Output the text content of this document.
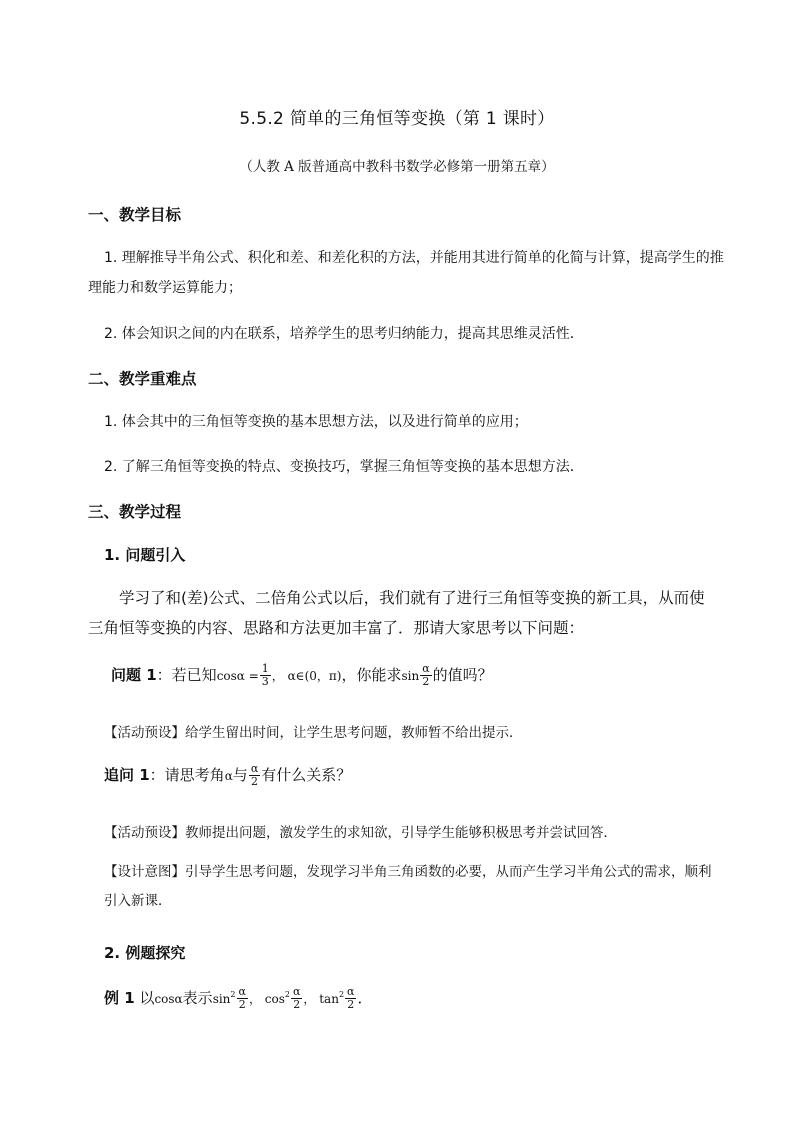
5.5.2 简单的三角恒等变换（第 1 课时）
（人教 A 版普通高中教科书数学必修第一册第五章）
一、教学目标
1. 理解推导半角公式、积化和差、和差化积的方法，并能用其进行简单的化简与计算，提高学生的推
理能力和数学运算能力；
2. 体会知识之间的内在联系，培养学生的思考归纳能力，提高其思维灵活性．
二、教学重难点
1. 体会其中的三角恒等变换的基本思想方法，以及进行简单的应用；
2. 了解三角恒等变换的特点、变换技巧，掌握三角恒等变换的基本思想方法．
三、教学过程
1. 问题引入
学习了和(差)公式、二倍角公式以后，我们就有了进行三角恒等变换的新工具，从而使三角恒等变换的内容、思路和方法更加丰富了．那请大家思考以下问题：
问题 1：若已知$\cos\alpha = \frac{1}{3}$ ， α∈(0，π)，你能求$\sin \frac{\alpha}{2}$ 的值吗？
【活动预设】给学生留出时间，让学生思考问题，教师暂不给出提示．
追问 1：请思考角α与 $\frac{\alpha}{2}$ 有什么关系？
【活动预设】教师提出问题，激发学生的求知欲，引导学生能够积极思考并尝试回答．
【设计意图】引导学生思考问题，发现学习半角三角函数的必要，从而产生学习半角公式的需求，顺利引入新课．
2. 例题探究
例 1 以cosα表示$\sin^2 \frac{\alpha}{2}$ ， $\cos^2 \frac{\alpha}{2}$ ， $\tan^2 \frac{\alpha}{2}$ ．
